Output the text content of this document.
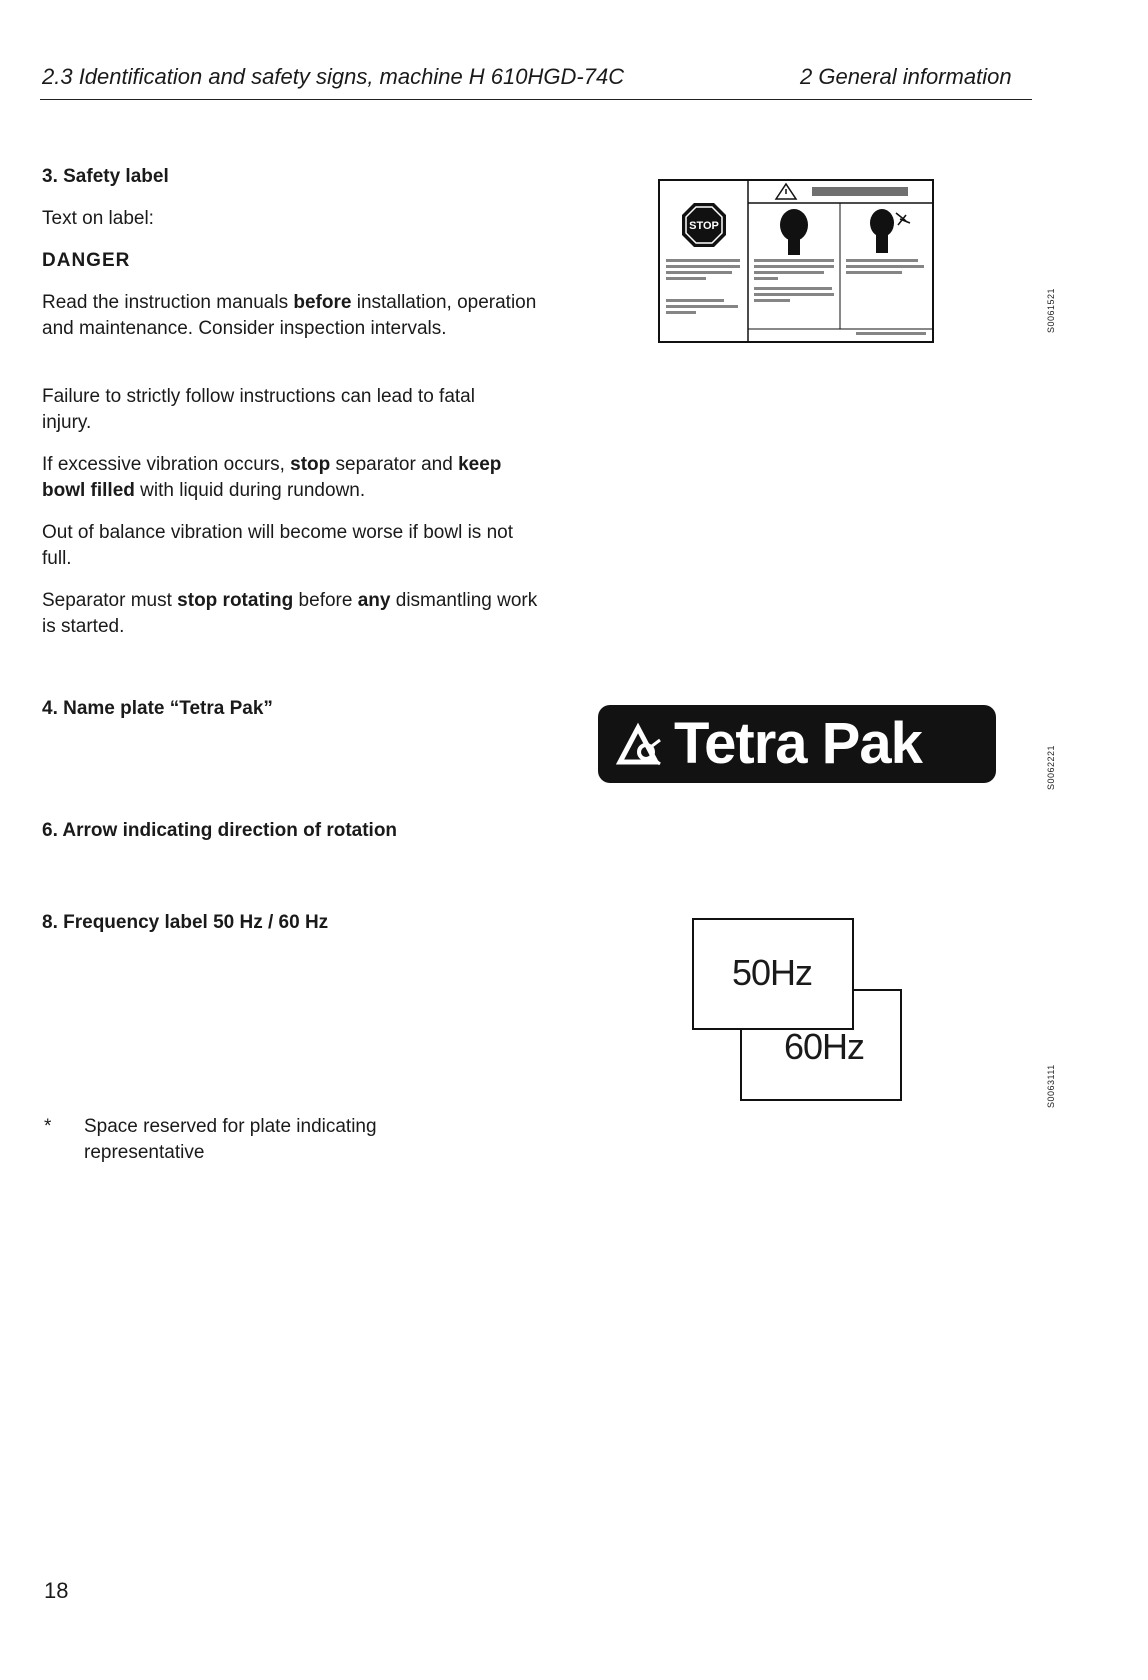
2.3 Identification and safety signs, machine H 610HGD-74C	2 General information
3. Safety label
Text on label:
DANGER

Read the instruction manuals before installation, operation and maintenance. Consider inspection intervals.

Failure to strictly follow instructions can lead to fatal injury.

If excessive vibration occurs, stop separator and keep bowl filled with liquid during rundown.

Out of balance vibration will become worse if bowl is not full.

Separator must stop rotating before any dismantling work is started.

STOP
S0061521
4. Name plate “Tetra Pak”
Tetra Pak	S0062221
6. Arrow indicating direction of rotation
8. Frequency label 50 Hz / 60 Hz
50Hz
60Hz
S0063111
* Space reserved for plate indicating representative
18
